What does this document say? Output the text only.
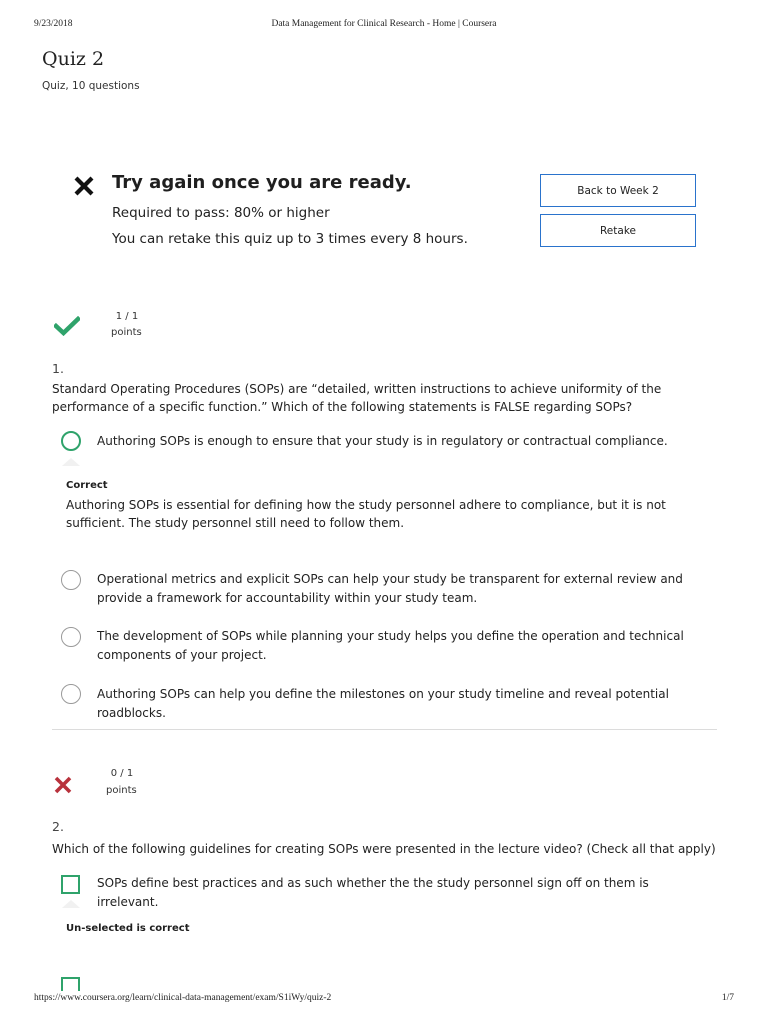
9/23/2018	Data Management for Clinical Research - Home | Coursera
https://www.coursera.org/learn/clinical-data-management/exam/S1iWy/quiz-2	1/7
Quiz 2
Quiz, 10 questions
Try again once you are ready.
Required to pass: 80% or higher
You can retake this quiz up to 3 times every 8 hours.
Back to Week 2
Retake
1 / 1
points
1.
Standard Operating Procedures (SOPs) are “detailed, written instructions to achieve uniformity of the performance of a specific function.” Which of the following statements is FALSE regarding SOPs?
Authoring SOPs is enough to ensure that your study is in regulatory or contractual compliance.
Correct
Authoring SOPs is essential for defining how the study personnel adhere to compliance, but it is not sufficient. The study personnel still need to follow them.
Operational metrics and explicit SOPs can help your study be transparent for external review and provide a framework for accountability within your study team.
The development of SOPs while planning your study helps you define the operation and technical components of your project.
Authoring SOPs can help you define the milestones on your study timeline and reveal potential roadblocks.
0 / 1
points
2.
Which of the following guidelines for creating SOPs were presented in the lecture video? (Check all that apply)
SOPs define best practices and as such whether the the study personnel sign off on them is irrelevant.
Un-selected is correct
